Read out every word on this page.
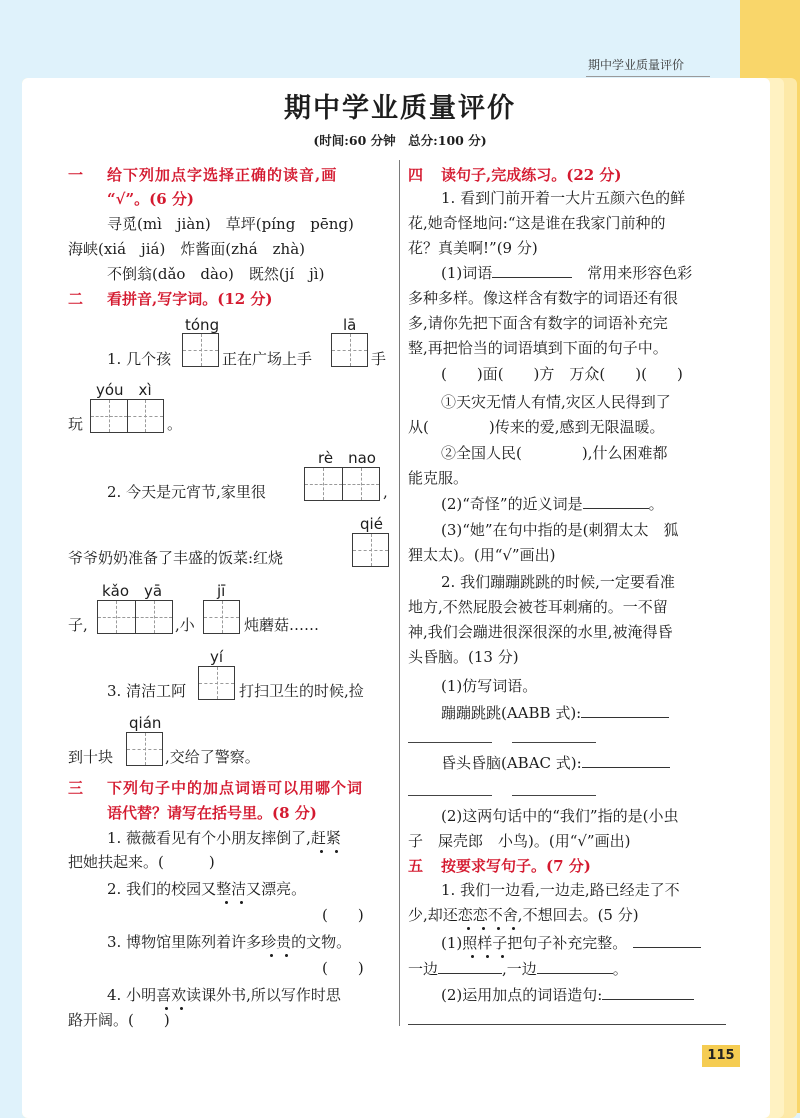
期中学业质量评价
期中学业质量评价
(时间:60 分钟　总分:100 分)
一 给下列加点字选择正确的读音,画
“√”。(6 分)
寻觅(mì　jiàn)　草坪(píng　pēng)
海峡(xiá　jiá)　炸酱面(zhá　zhà)
不倒翁(dǎo　dào)　既然(jí　jì)
二 看拼音,写字词。(12 分)
tóng	lā
1. 几个孩	正在广场上手	手
yóu　xì
玩	。
rè　nao
2. 今天是元宵节,家里很	,
qié
爷爷奶奶准备了丰盛的饭菜:红烧
kǎo　yā	jī
子,	,小	炖蘑菇……
yí
3. 清洁工阿	打扫卫生的时候,捡
qián
到十块	,交给了警察。
三 下列句子中的加点词语可以用哪个词
语代替？请写在括号里。(8 分)
1. 薇薇看见有个小朋友摔倒了,赶紧
把她扶起来。(　　　)
2. 我们的校园又整洁又漂亮。
(　　)
3. 博物馆里陈列着许多珍贵的文物。
(　　)
4. 小明喜欢读课外书,所以写作时思
路开阔。(　　)
四 读句子,完成练习。(22 分)
1. 看到门前开着一大片五颜六色的鲜
花,她奇怪地问:“这是谁在我家门前种的
花？真美啊!”(9 分)
(1)词语　	常用来形容色彩
多种多样。像这样含有数字的词语还有很
多,请你先把下面含有数字的词语补充完
整,再把恰当的词语填到下面的句子中。
(　　)面(　　)方　万众(　　)(　　)
①天灾无情人有情,灾区人民得到了
从(　　　　)传来的爱,感到无限温暖。
②全国人民(　　　　),什么困难都
能克服。
(2)“奇怪”的近义词是	。
(3)“她”在句中指的是(刺猬太太　狐
狸太太)。(用“√”画出)
2. 我们蹦蹦跳跳的时候,一定要看准
地方,不然屁股会被苍耳刺痛的。一不留
神,我们会蹦进很深很深的水里,被淹得昏
头昏脑。(13 分)
(1)仿写词语。
蹦蹦跳跳(AABB 式):
昏头昏脑(ABAC 式):
(2)这两句话中的“我们”指的是(小虫
子　屎壳郎　小鸟)。(用“√”画出)
五 按要求写句子。(7 分)
1. 我们一边看,一边走,路已经走了不
少,却还恋恋不舍,不想回去。(5 分)
(1)照样子把句子补充完整。
一边	,一边	。
(2)运用加点的词语造句:
115
